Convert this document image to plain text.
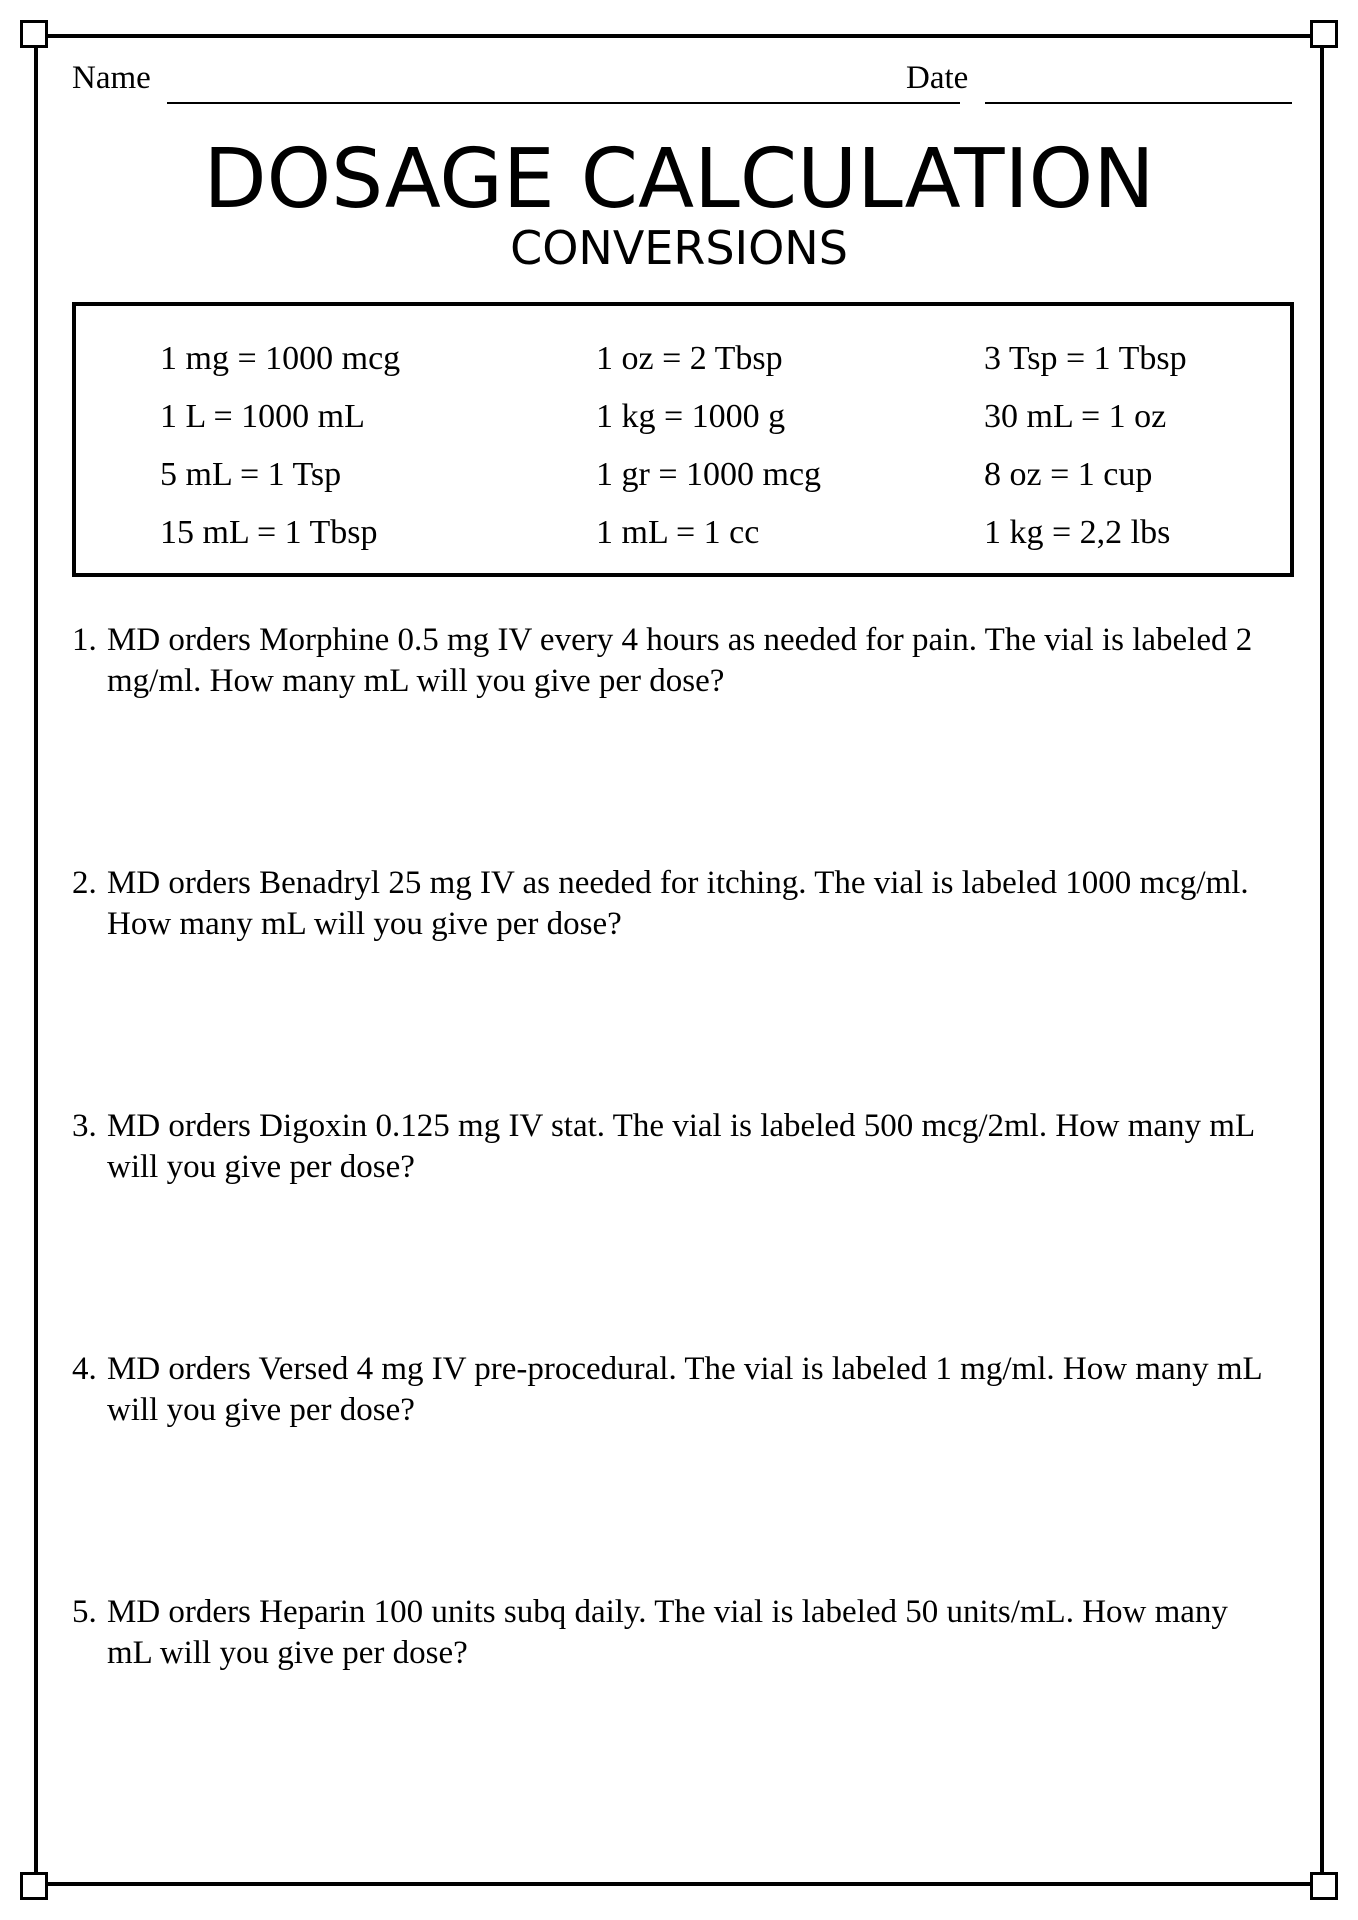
Name	Date
DOSAGE CALCULATION
CONVERSIONS
1 mg = 1000 mcg
1 L = 1000 mL
5 mL = 1 Tsp
15 mL = 1 Tbsp
1 oz = 2 Tbsp
1 kg = 1000 g
1 gr = 1000 mcg
1 mL = 1 cc
3 Tsp = 1 Tbsp
30 mL = 1 oz
8 oz = 1 cup
1 kg = 2,2 lbs
1. MD orders Morphine 0.5 mg IV every 4 hours as needed for pain. The vial is labeled 2 mg/ml. How many mL will you give per dose?
2. MD orders Benadryl 25 mg IV as needed for itching. The vial is labeled 1000 mcg/ml. How many mL will you give per dose?
3. MD orders Digoxin 0.125 mg IV stat. The vial is labeled 500 mcg/2ml. How many mL will you give per dose?
4. MD orders Versed 4 mg IV pre-procedural. The vial is labeled 1 mg/ml. How many mL will you give per dose?
5. MD orders Heparin 100 units subq daily. The vial is labeled 50 units/mL. How many mL will you give per dose?
